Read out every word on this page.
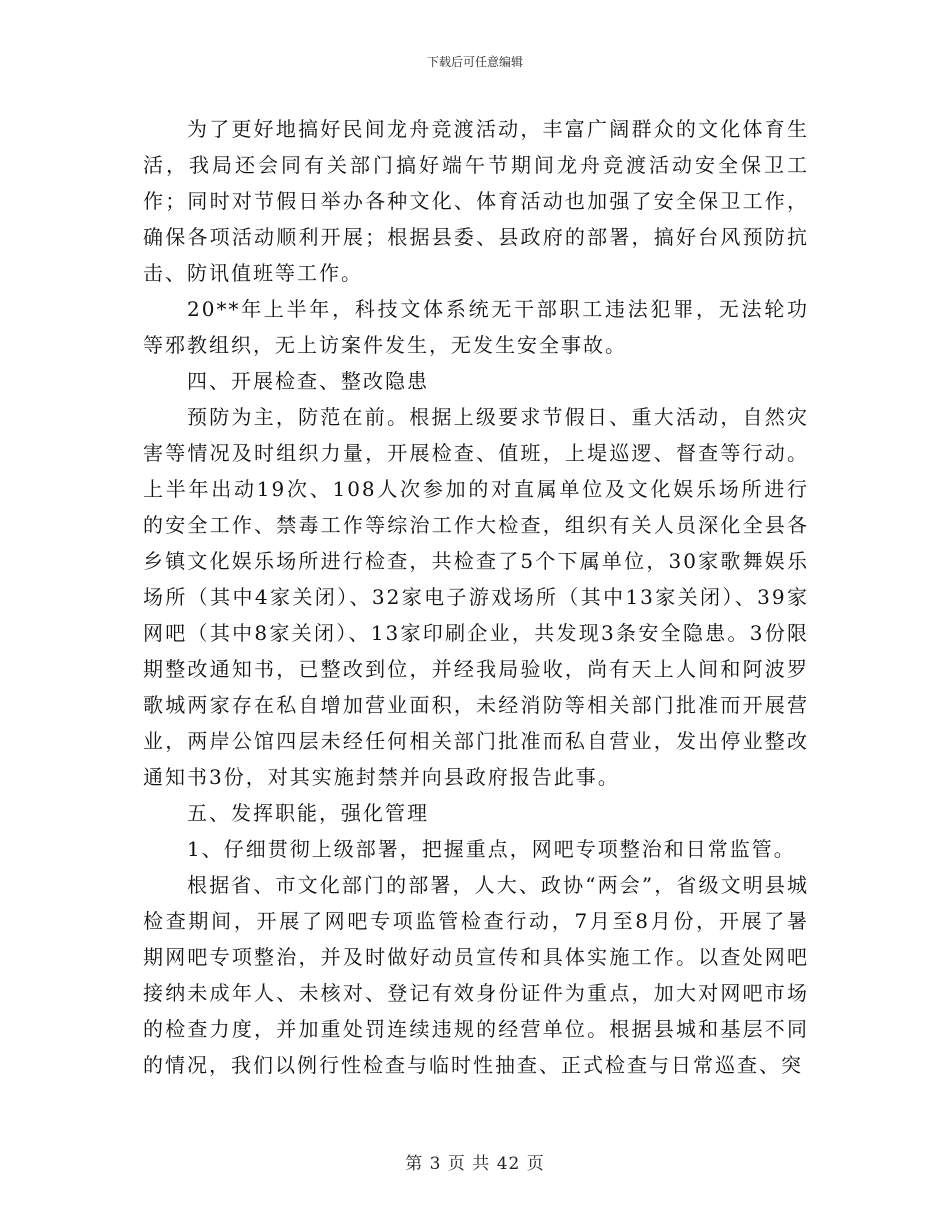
下载后可任意编辑

为了更好地搞好民间龙舟竞渡活动，丰富广阔群众的文化体育生活，我局还会同有关部门搞好端午节期间龙舟竞渡活动安全保卫工作；同时对节假日举办各种文化、体育活动也加强了安全保卫工作，确保各项活动顺利开展；根据县委、县政府的部署，搞好台风预防抗击、防讯值班等工作。

20**年上半年，科技文体系统无干部职工违法犯罪，无法轮功等邪教组织，无上访案件发生，无发生安全事故。

四、开展检查、整改隐患

预防为主，防范在前。根据上级要求节假日、重大活动，自然灾害等情况及时组织力量，开展检查、值班，上堤巡逻、督查等行动。上半年出动19次、108人次参加的对直属单位及文化娱乐场所进行的安全工作、禁毒工作等综治工作大检查，组织有关人员深化全县各乡镇文化娱乐场所进行检查，共检查了5个下属单位，30家歌舞娱乐场所（其中4家关闭）、32家电子游戏场所（其中13家关闭）、39家网吧（其中8家关闭）、13家印刷企业，共发现3条安全隐患。3份限期整改通知书，已整改到位，并经我局验收，尚有天上人间和阿波罗歌城两家存在私自增加营业面积，未经消防等相关部门批准而开展营业，两岸公馆四层未经任何相关部门批准而私自营业，发出停业整改通知书3份，对其实施封禁并向县政府报告此事。

五、发挥职能，强化管理

1、仔细贯彻上级部署，把握重点，网吧专项整治和日常监管。

根据省、市文化部门的部署，人大、政协“两会”，省级文明县城检查期间，开展了网吧专项监管检查行动，7月至8月份，开展了暑期网吧专项整治，并及时做好动员宣传和具体实施工作。以查处网吧接纳未成年人、未核对、登记有效身份证件为重点，加大对网吧市场的检查力度，并加重处罚连续违规的经营单位。根据县城和基层不同的情况，我们以例行性检查与临时性抽查、正式检查与日常巡查、突

第 3 页 共 42 页
